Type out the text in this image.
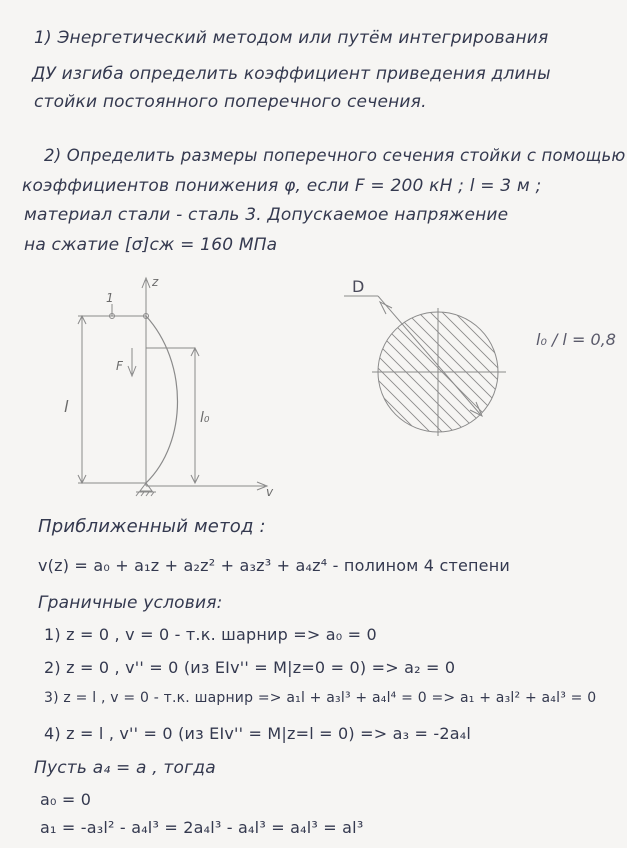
1) Энергетический методом или путём интегрирования
ДУ изгиба определить коэффициент приведения длины
стойки постоянного поперечного сечения.
2) Определить размеры поперечного сечения стойки с помощью
коэффициентов понижения φ, если F = 200 кН ; l = 3 м ;
материал стали - сталь 3. Допускаемое напряжение
на сжатие [σ]сж = 160 МПа
1
z
F
l
l₀
v
D
l₀ / l = 0,8
Приближенный метод :
v(z) = a₀ + a₁z + a₂z² + a₃z³ + a₄z⁴ - полином 4 степени
Граничные условия:
1) z = 0 , v = 0 - т.к. шарнир => a₀ = 0
2) z = 0 , v'' = 0 (из EIv'' = M|z=0 = 0) => a₂ = 0
3) z = l , v = 0 - т.к. шарнир => a₁l + a₃l³ + a₄l⁴ = 0 => a₁ + a₃l² + a₄l³ = 0
4) z = l , v'' = 0 (из EIv'' = M|z=l = 0) => a₃ = -2a₄l
Пусть a₄ = a , тогда
a₀ = 0
a₁ = -a₃l² - a₄l³ = 2a₄l³ - a₄l³ = a₄l³ = al³
